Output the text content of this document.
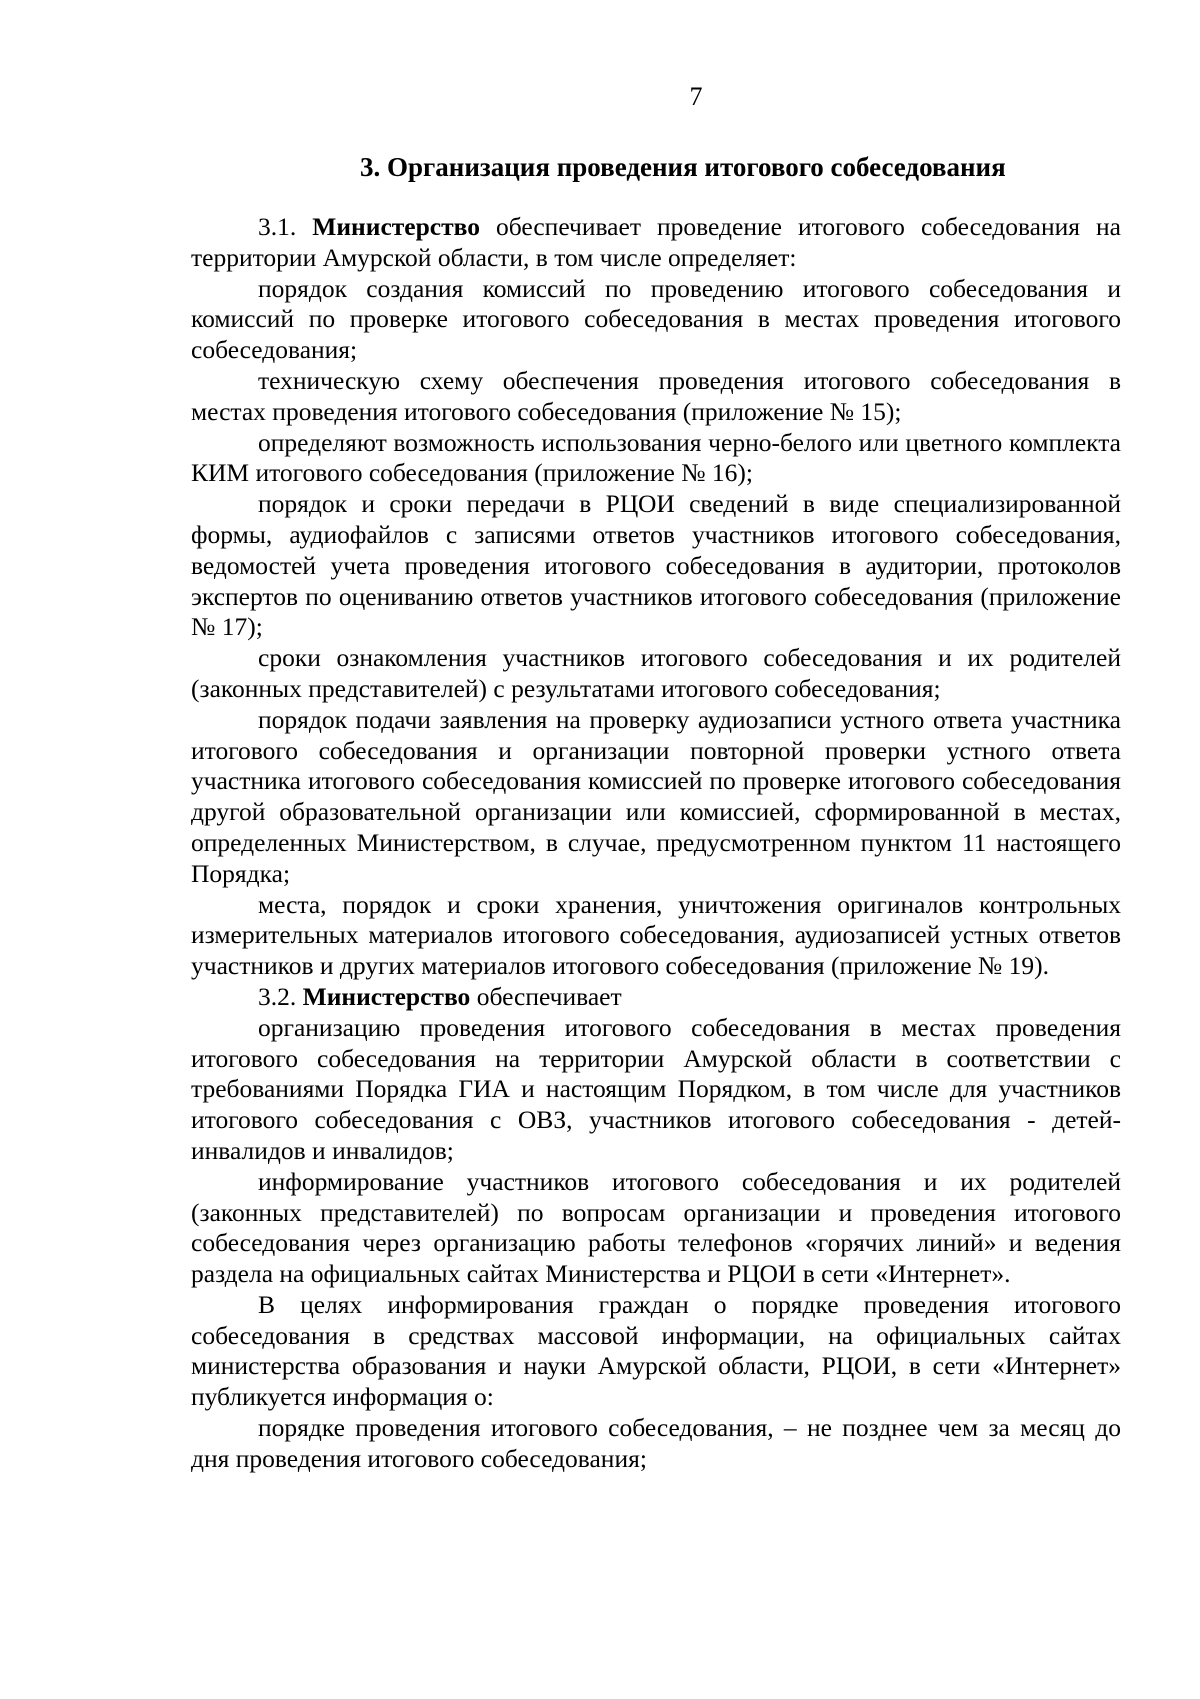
7
3. Организация проведения итогового собеседования

3.1. Министерство обеспечивает проведение итогового собеседования на территории Амурской области, в том числе определяет:

порядок создания комиссий по проведению итогового собеседования и комиссий по проверке итогового собеседования в местах проведения итогового собеседования;

техническую схему обеспечения проведения итогового собеседования в местах проведения итогового собеседования (приложение № 15);

определяют возможность использования черно-белого или цветного комплекта КИМ итогового собеседования (приложение № 16);

порядок и сроки передачи в РЦОИ сведений в виде специализированной формы, аудиофайлов с записями ответов участников итогового собеседования, ведомостей учета проведения итогового собеседования в аудитории, протоколов экспертов по оцениванию ответов участников итогового собеседования (приложение № 17);

сроки ознакомления участников итогового собеседования и их родителей (законных представителей) с результатами итогового собеседования;

порядок подачи заявления на проверку аудиозаписи устного ответа участника итогового собеседования и организации повторной проверки устного ответа участника итогового собеседования комиссией по проверке итогового собеседования другой образовательной организации или комиссией, сформированной в местах, определенных Министерством, в случае, предусмотренном пунктом 11 настоящего Порядка;

места, порядок и сроки хранения, уничтожения оригиналов контрольных измерительных материалов итогового собеседования, аудиозаписей устных ответов участников и других материалов итогового собеседования (приложение № 19).

3.2. Министерство обеспечивает

организацию проведения итогового собеседования в местах проведения итогового собеседования на территории Амурской области в соответствии с требованиями Порядка ГИА и настоящим Порядком, в том числе для участников итогового собеседования с ОВЗ, участников итогового собеседования - детей-инвалидов и инвалидов;

информирование участников итогового собеседования и их родителей (законных представителей) по вопросам организации и проведения итогового собеседования через организацию работы телефонов «горячих линий» и ведения раздела на официальных сайтах Министерства и РЦОИ в сети «Интернет».

В целях информирования граждан о порядке проведения итогового собеседования в средствах массовой информации, на официальных сайтах министерства образования и науки Амурской области, РЦОИ, в сети «Интернет» публикуется информация о:

порядке проведения итогового собеседования, – не позднее чем за месяц до дня проведения итогового собеседования;
